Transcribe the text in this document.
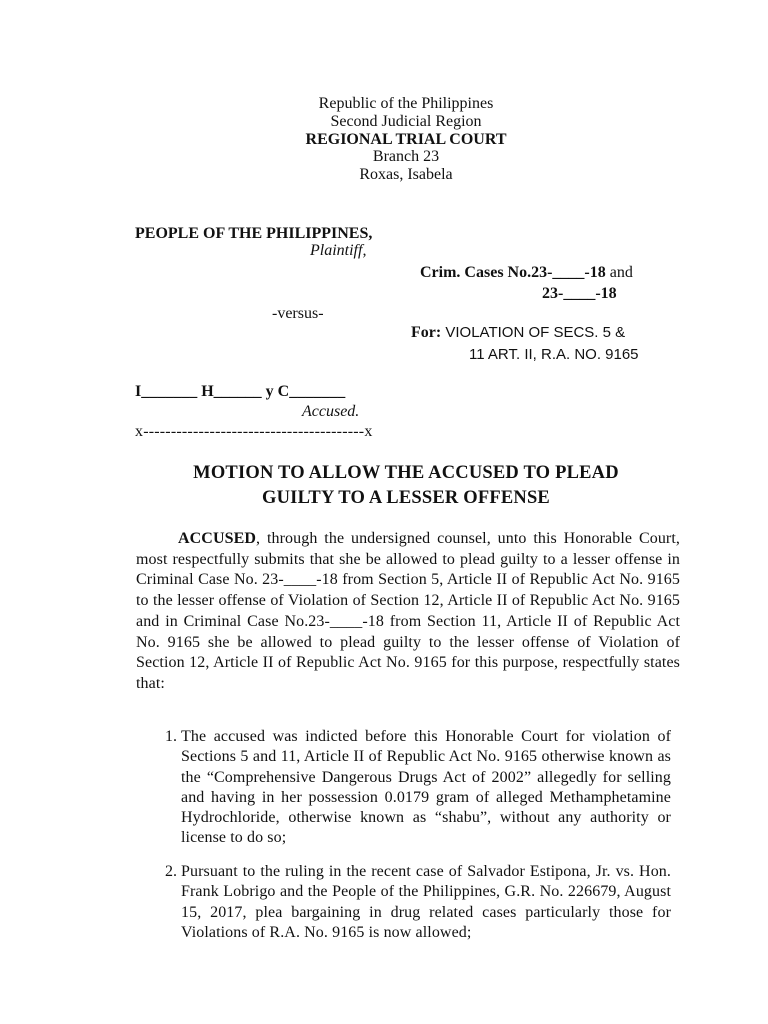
Republic of the Philippines
Second Judicial Region
REGIONAL TRIAL COURT
Branch 23
Roxas, Isabela
PEOPLE OF THE PHILIPPINES,
Plaintiff,
Crim. Cases No.23-____-18 and
23-____-18
-versus-
For: VIOLATION OF SECS. 5 &
11 ART. II, R.A. NO. 9165
I_______ H______ y C_______
Accused.
x----------------------------------------x
MOTION TO ALLOW THE ACCUSED TO PLEAD
GUILTY TO A LESSER OFFENSE
ACCUSED, through the undersigned counsel, unto this Honorable Court, most respectfully submits that she be allowed to plead guilty to a lesser offense in Criminal Case No. 23-____-18 from Section 5, Article II of Republic Act No. 9165 to the lesser offense of Violation of Section 12, Article II of Republic Act No. 9165 and in Criminal Case No.23-____-18 from Section 11, Article II of Republic Act No. 9165 she be allowed to plead guilty to the lesser offense of Violation of Section 12, Article II of Republic Act No. 9165 for this purpose, respectfully states that:
1. The accused was indicted before this Honorable Court for violation of Sections 5 and 11, Article II of Republic Act No. 9165 otherwise known as the “Comprehensive Dangerous Drugs Act of 2002” allegedly for selling and having in her possession 0.0179 gram of alleged Methamphetamine Hydrochloride, otherwise known as “shabu”, without any authority or license to do so;
2. Pursuant to the ruling in the recent case of Salvador Estipona, Jr. vs. Hon. Frank Lobrigo and the People of the Philippines, G.R. No. 226679, August 15, 2017, plea bargaining in drug related cases particularly those for Violations of R.A. No. 9165 is now allowed;
